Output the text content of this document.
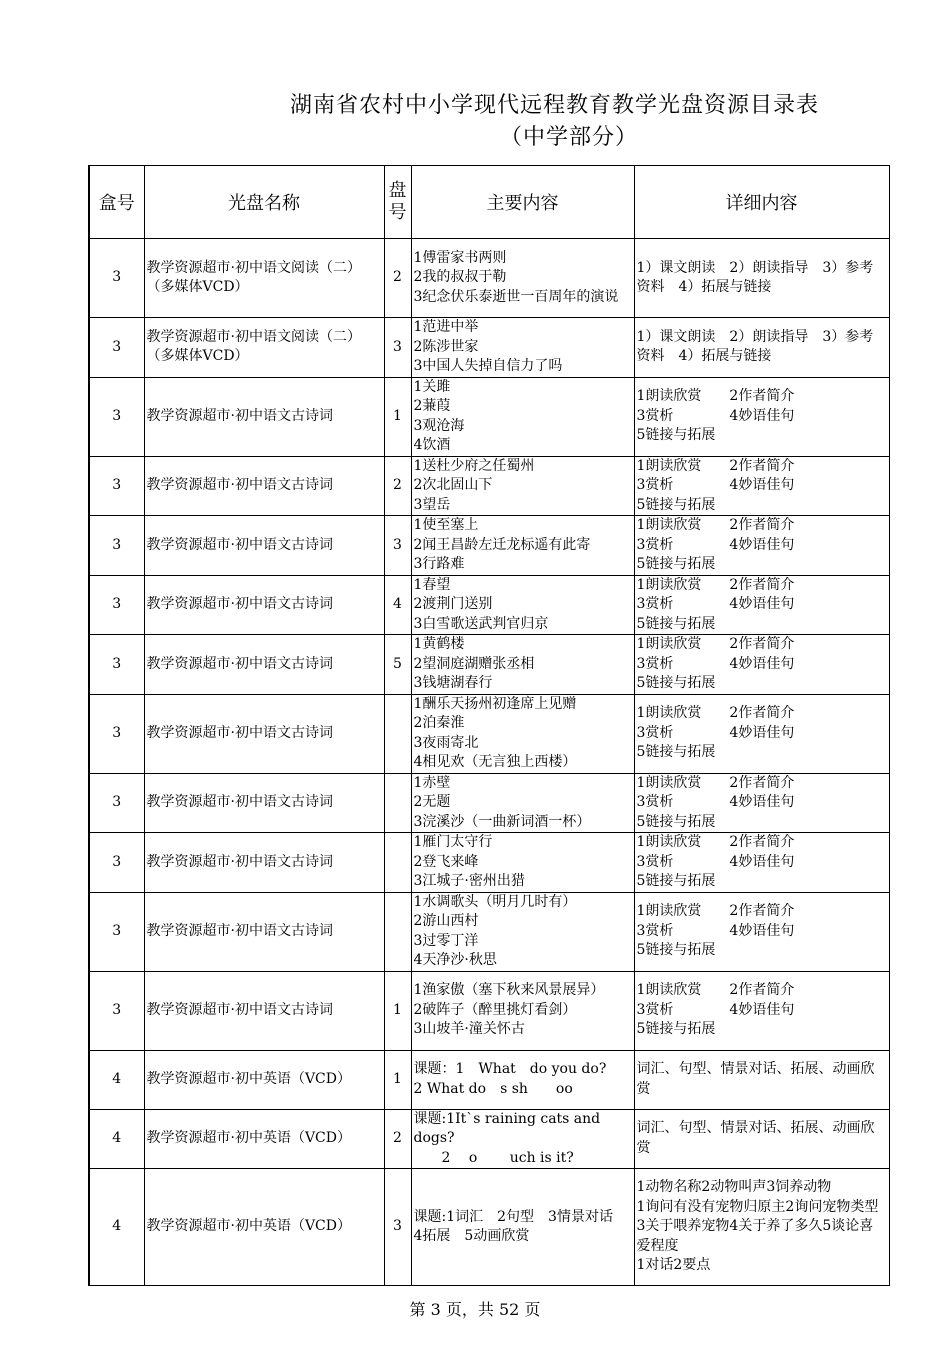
湖南省农村中小学现代远程教育教学光盘资源目录表
（中学部分）
盒号	光盘名称	盘
号	主要内容	详细内容
3	教学资源超市·初中语文阅读（二）（多媒体VCD）	2	1傅雷家书两则
2我的叔叔于勒
3纪念伏乐泰逝世一百周年的演说	1）课文朗读　2）朗读指导　3）参考资料　4）拓展与链接
3	教学资源超市·初中语文阅读（二）（多媒体VCD）	3	1范进中举
2陈涉世家
3中国人失掉自信力了吗	1）课文朗读　2）朗读指导　3）参考资料　4）拓展与链接
3	教学资源超市·初中语文古诗词	1	1关雎
2蒹葭
3观沧海
4饮酒	1朗读欣赏　　2作者简介
3赏析　　　　4妙语佳句
5链接与拓展
3	教学资源超市·初中语文古诗词	2	1送杜少府之任蜀州
2次北固山下
3望岳	1朗读欣赏　　2作者简介
3赏析　　　　4妙语佳句
5链接与拓展
3	教学资源超市·初中语文古诗词	3	1使至塞上
2闻王昌龄左迁龙标遥有此寄
3行路难	1朗读欣赏　　2作者简介
3赏析　　　　4妙语佳句
5链接与拓展
3	教学资源超市·初中语文古诗词	4	1春望
2渡荆门送别
3白雪歌送武判官归京	1朗读欣赏　　2作者简介
3赏析　　　　4妙语佳句
5链接与拓展
3	教学资源超市·初中语文古诗词	5	1黄鹤楼
2望洞庭湖赠张丞相
3钱塘湖春行	1朗读欣赏　　2作者简介
3赏析　　　　4妙语佳句
5链接与拓展
3	教学资源超市·初中语文古诗词		1酬乐天扬州初逢席上见赠
2泊秦淮
3夜雨寄北
4相见欢（无言独上西楼）	1朗读欣赏　　2作者简介
3赏析　　　　4妙语佳句
5链接与拓展
3	教学资源超市·初中语文古诗词		1赤壁
2无题
3浣溪沙（一曲新词酒一杯）	1朗读欣赏　　2作者简介
3赏析　　　　4妙语佳句
5链接与拓展
3	教学资源超市·初中语文古诗词		1雁门太守行
2登飞来峰
3江城子·密州出猎	1朗读欣赏　　2作者简介
3赏析　　　　4妙语佳句
5链接与拓展
3	教学资源超市·初中语文古诗词		1水调歌头（明月几时有）
2游山西村
3过零丁洋
4天净沙·秋思	1朗读欣赏　　2作者简介
3赏析　　　　4妙语佳句
5链接与拓展
3	教学资源超市·初中语文古诗词	1	1渔家傲（塞下秋来风景展异）
2破阵子（醉里挑灯看剑）
3山坡羊·潼关怀古	1朗读欣赏　　2作者简介
3赏析　　　　4妙语佳句
5链接与拓展
4	教学资源超市·初中英语（VCD）	1	课题：1　What　do you do?
2 What do　s sh　　oo	词汇、句型、情景对话、拓展、动画欣赏
4	教学资源超市·初中英语（VCD）	2	课题:1It`s raining cats and dogs?
　　2　 o　　 uch is it?	词汇、句型、情景对话、拓展、动画欣赏
4	教学资源超市·初中英语（VCD）	3	课题:1词汇　2句型　3情景对话　4拓展　5动画欣赏	1动物名称2动物叫声3饲养动物
1询问有没有宠物归原主2询问宠物类型3关于喂养宠物4关于养了多久5谈论喜爱程度
1对话2要点
第 3 页，共 52 页
